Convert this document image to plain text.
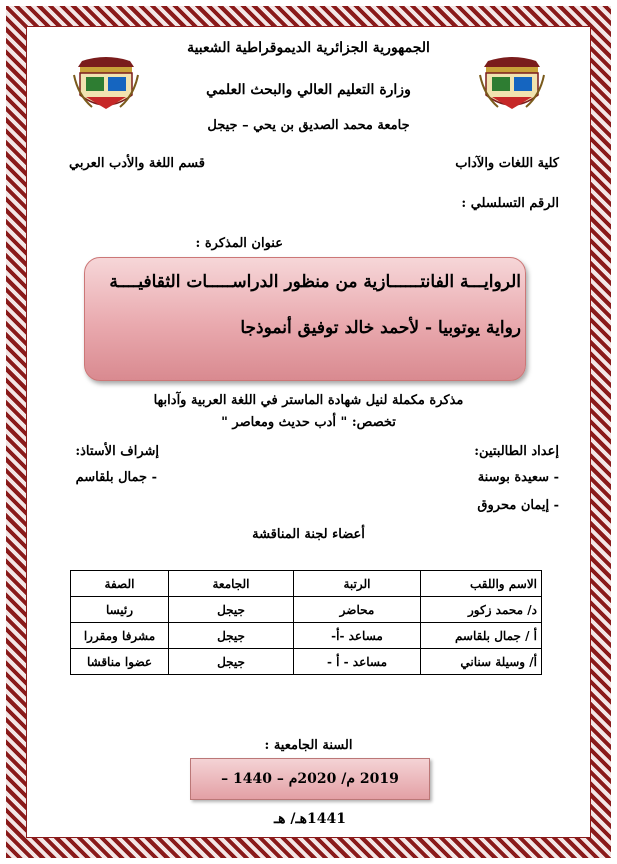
الجمهورية الجزائرية الديموقراطية الشعبية
وزارة التعليم العالي والبحث العلمي
جامعة محمد الصديق بن يحي – جيجل
كلية اللغات والآداب
قسم اللغة والأدب العربي
الرقم التسلسلي :
عنوان المذكرة :
الروايـــة الفانتــــــازية من منظور الدراســـــات الثقافيــــة
رواية يوتوبيا - لأحمد خالد توفيق أنموذجا
مذكرة مكملة لنيل شهادة الماستر في اللغة العربية وآدابها
تخصص: " أدب حديث ومعاصر "
إعداد الطالبتين:
- سعيدة بوسنة
- إيمان محروق
إشراف الأستاذ:
- جمال بلقاسم
أعضاء لجنة المناقشة
الاسم واللقب	الرتبة	الجامعة	الصفة
د/ محمد زكور	محاضر	جيجل	رئيسا
أ / جمال بلقاسم	مساعد -أ-	جيجل	مشرفا ومقررا
أ/ وسيلة سناني	مساعد - أ -	جيجل	عضوا مناقشا
السنة الجامعية :
2019 م/ 2020م – 1440 – 1441هـ/ هـ
